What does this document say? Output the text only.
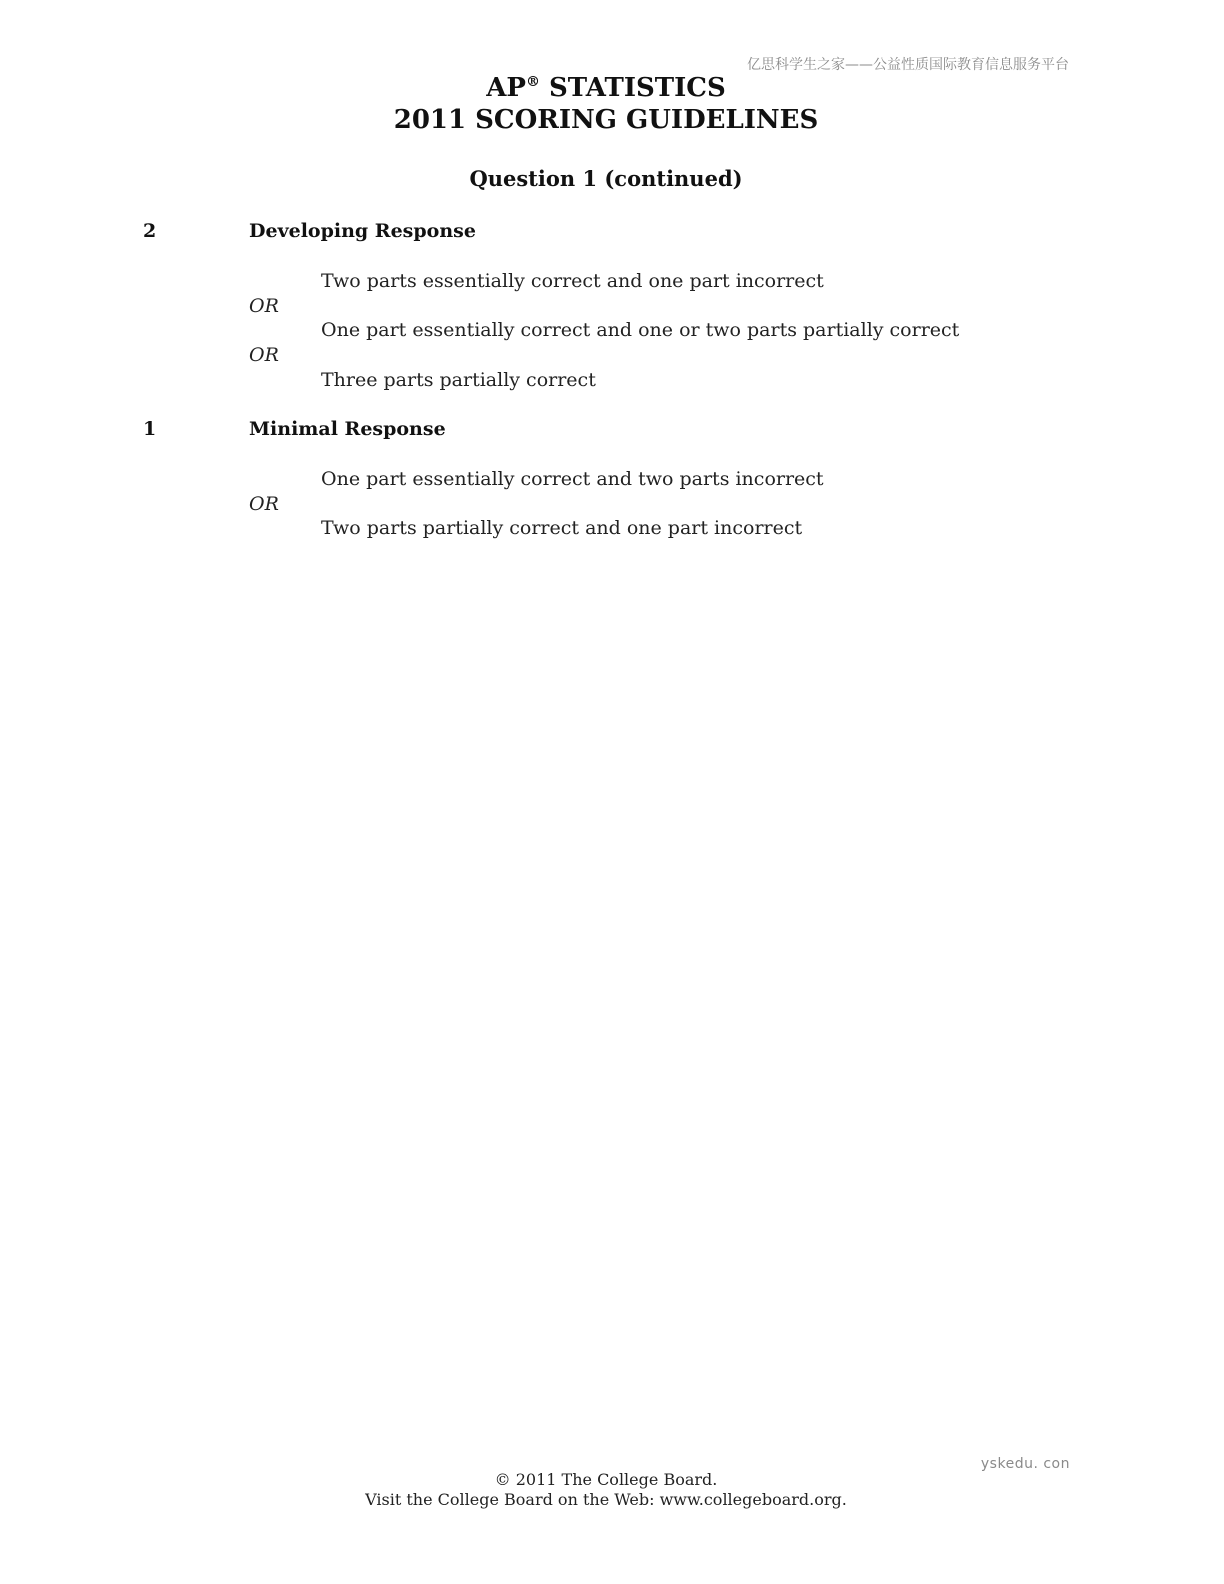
亿思科学生之家——公益性质国际教育信息服务平台
AP® STATISTICS
2011 SCORING GUIDELINES
Question 1 (continued)
2	Developing Response
Two parts essentially correct and one part incorrect
OR
One part essentially correct and one or two parts partially correct
OR
Three parts partially correct
1	Minimal Response
One part essentially correct and two parts incorrect
OR
Two parts partially correct and one part incorrect
yskedu. con
© 2011 The College Board.
Visit the College Board on the Web: www.collegeboard.org.
